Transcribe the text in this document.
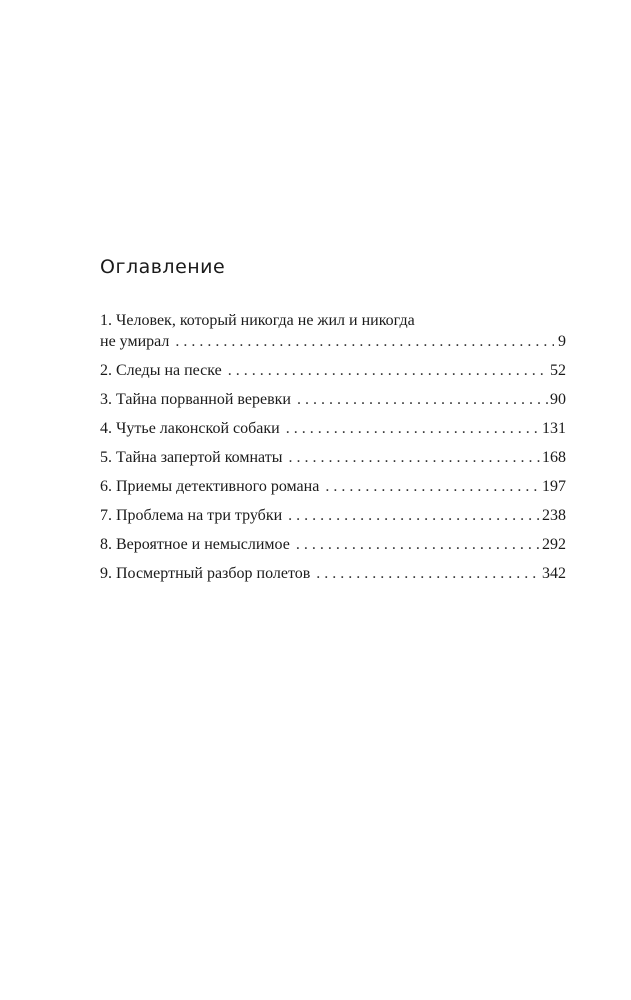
Оглавление
1. Человек, который никогда не жил и никогда
не умирал . . .	9
2. Следы на песке . . .	52
3. Тайна порванной веревки . . .	90
4. Чутье лаконской собаки . . .	131
5. Тайна запертой комнаты . . .	168
6. Приемы детективного романа . . .	197
7. Проблема на три трубки . . .	238
8. Вероятное и немыслимое . . .	292
9. Посмертный разбор полетов . . .	342
